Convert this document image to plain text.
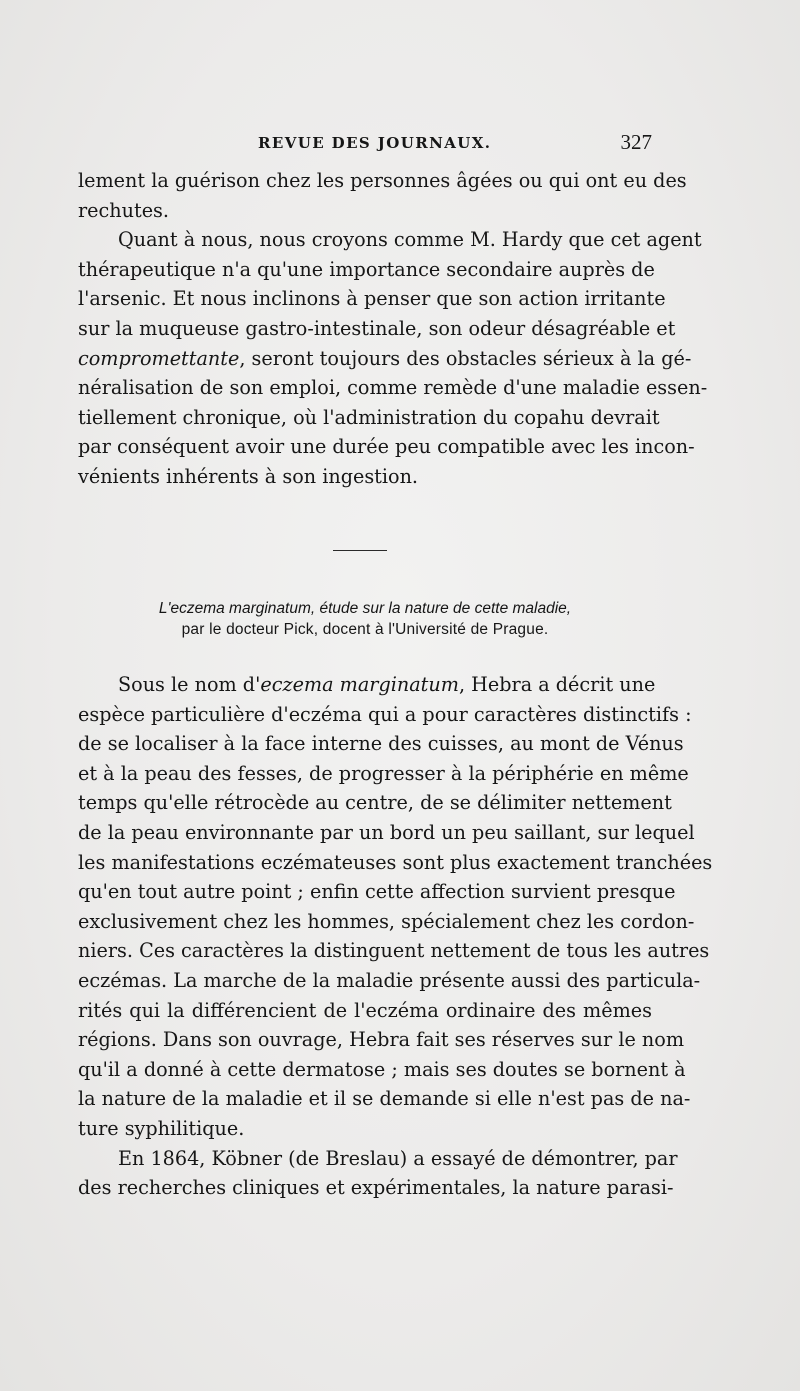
REVUE DES JOURNAUX.	327
lement la guérison chez les personnes âgées ou qui ont eu des
rechutes.
Quant à nous, nous croyons comme M. Hardy que cet agent
thérapeutique n'a qu'une importance secondaire auprès de
l'arsenic. Et nous inclinons à penser que son action irritante
sur la muqueuse gastro-intestinale, son odeur désagréable et
compromettante, seront toujours des obstacles sérieux à la gé-
néralisation de son emploi, comme remède d'une maladie essen-
tiellement chronique, où l'administration du copahu devrait
par conséquent avoir une durée peu compatible avec les incon-
vénients inhérents à son ingestion.
L'eczema marginatum, étude sur la nature de cette maladie,
par le docteur Pick, docent à l'Université de Prague.
Sous le nom d'eczema marginatum, Hebra a décrit une
espèce particulière d'eczéma qui a pour caractères distinctifs :
de se localiser à la face interne des cuisses, au mont de Vénus
et à la peau des fesses, de progresser à la périphérie en même
temps qu'elle rétrocède au centre, de se délimiter nettement
de la peau environnante par un bord un peu saillant, sur lequel
les manifestations eczémateuses sont plus exactement tranchées
qu'en tout autre point ; enfin cette affection survient presque
exclusivement chez les hommes, spécialement chez les cordon-
niers. Ces caractères la distinguent nettement de tous les autres
eczémas. La marche de la maladie présente aussi des particula-
rités qui la différencient de l'eczéma ordinaire des mêmes
régions. Dans son ouvrage, Hebra fait ses réserves sur le nom
qu'il a donné à cette dermatose ; mais ses doutes se bornent à
la nature de la maladie et il se demande si elle n'est pas de na-
ture syphilitique.
En 1864, Köbner (de Breslau) a essayé de démontrer, par
des recherches cliniques et expérimentales, la nature parasi-
